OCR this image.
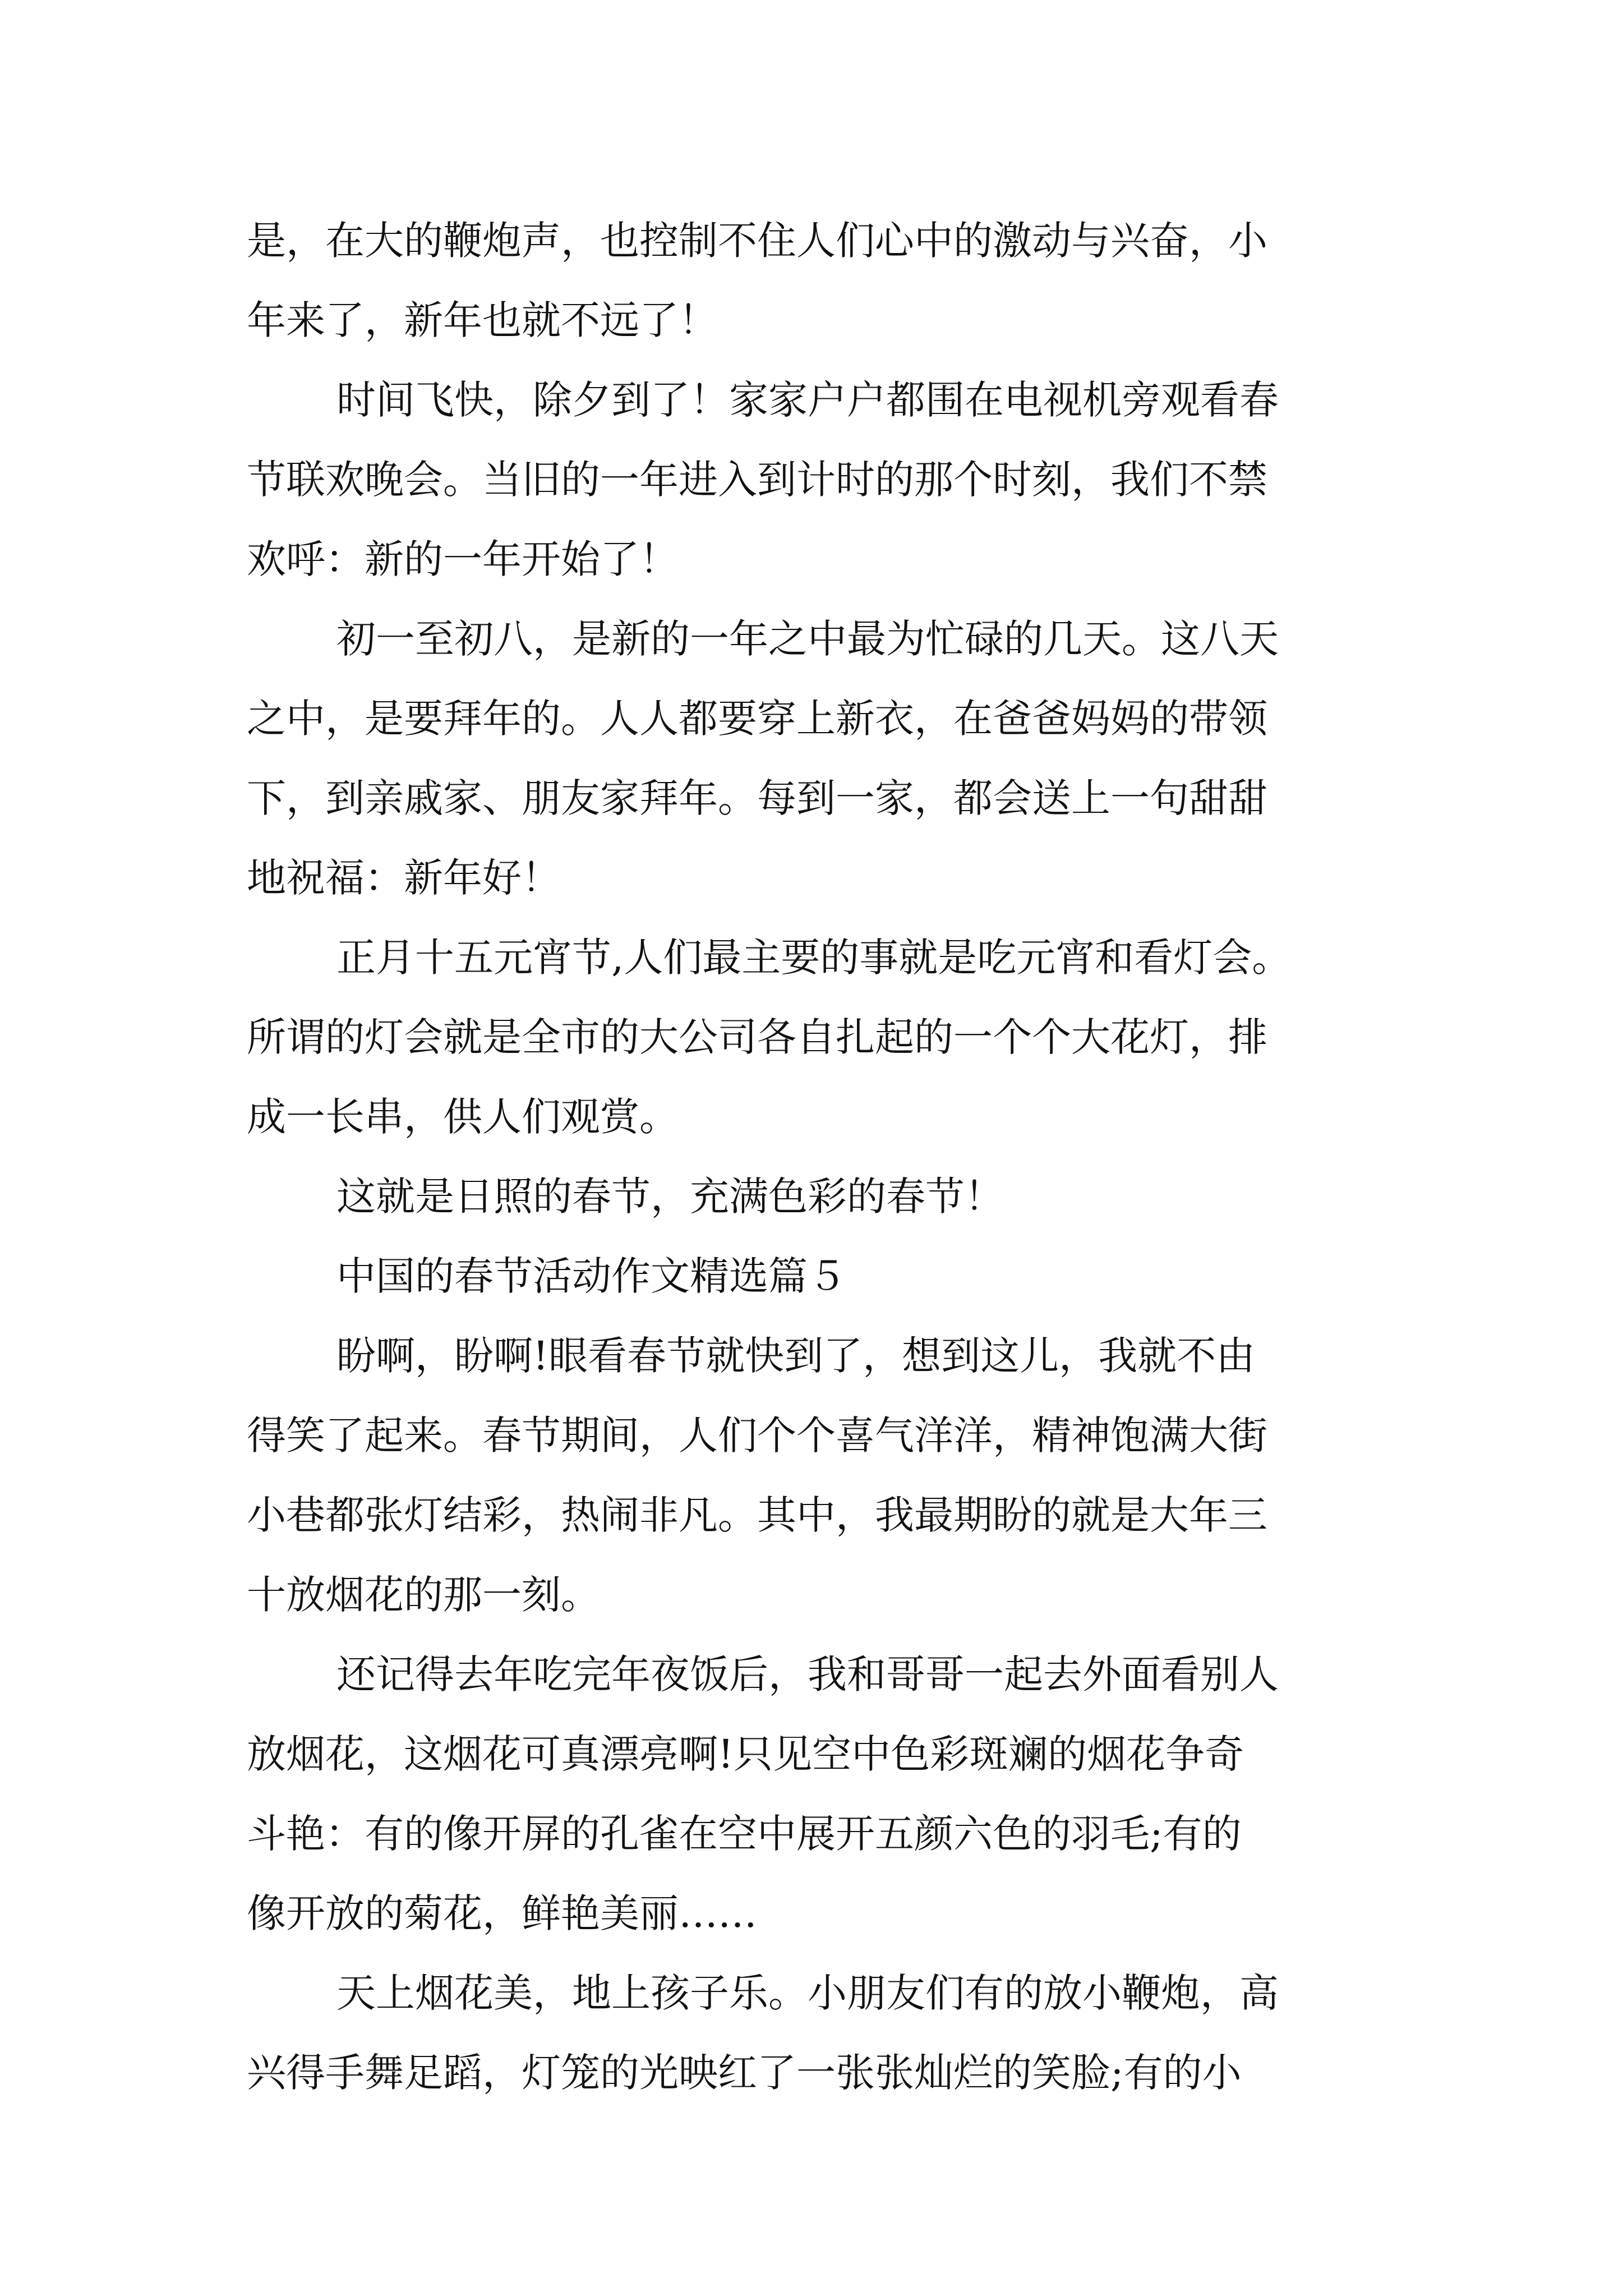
是，在大的鞭炮声，也控制不住人们心中的激动与兴奋，小
年来了，新年也就不远了！
时间飞快，除夕到了！家家户户都围在电视机旁观看春
节联欢晚会。当旧的一年进入到计时的那个时刻，我们不禁
欢呼：新的一年开始了！
初一至初八，是新的一年之中最为忙碌的几天。这八天
之中，是要拜年的。人人都要穿上新衣，在爸爸妈妈的带领
下，到亲戚家、朋友家拜年。每到一家，都会送上一句甜甜
地祝福：新年好！
正月十五元宵节,人们最主要的事就是吃元宵和看灯会。
所谓的灯会就是全市的大公司各自扎起的一个个大花灯，排
成一长串，供人们观赏。
这就是日照的春节，充满色彩的春节！
中国的春节活动作文精选篇５
盼啊，盼啊!眼看春节就快到了，想到这儿，我就不由
得笑了起来。春节期间，人们个个喜气洋洋，精神饱满大街
小巷都张灯结彩，热闹非凡。其中，我最期盼的就是大年三
十放烟花的那一刻。
还记得去年吃完年夜饭后，我和哥哥一起去外面看别人
放烟花，这烟花可真漂亮啊!只见空中色彩斑斓的烟花争奇
斗艳：有的像开屏的孔雀在空中展开五颜六色的羽毛;有的
像开放的菊花，鲜艳美丽……
天上烟花美，地上孩子乐。小朋友们有的放小鞭炮，高
兴得手舞足蹈，灯笼的光映红了一张张灿烂的笑脸;有的小
